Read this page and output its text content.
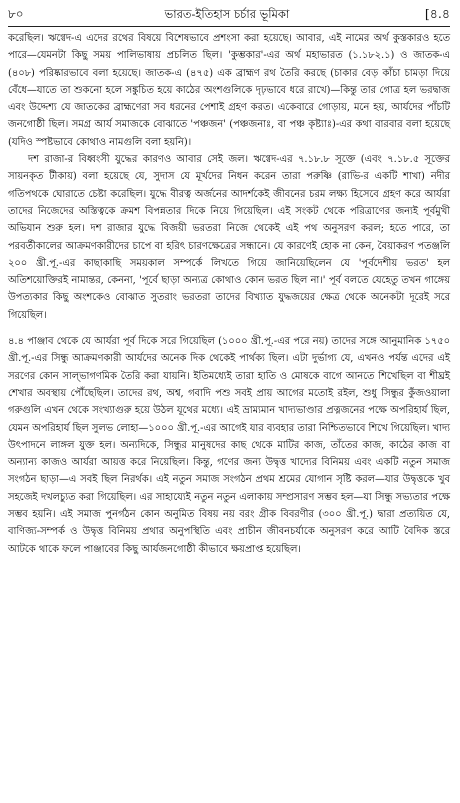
৮০	ভারত-ইতিহাস চর্চার ভূমিকা	[৪.৪

করেছিল। ঋগ্বেদ-এ এদের রথের বিষয়ে বিশেষভাবে প্রশংসা করা হয়েছে। আবার, এই নামের অর্থ কুস্তকারও হতে পারে—যেমনটা কিছু সময় পালিভাষায় প্রচলিত ছিল। 'কুম্ভকার'-এর অর্থ মহাভারত (১.১৮২.১) ও জাতক-এ (৪০৮) পরিষ্কারভাবে বলা হয়েছে। জাতক-এ (৪৭৫) এক ব্রাহ্মণ রথ তৈরি করছে (চাকার বেড় কাঁচা চামড়া দিয়ে বেঁধে—যাতে তা শুকনো হলে সঙ্কুচিত হয়ে কাঠের অংশগুলিকে দৃঢ়ভাবে ধরে রাখে)—কিন্তু তার গোত্র হল ভরদ্বাজ এবং উদ্দেশ্য যে জাতকের ব্রাহ্মণেরা সব ধরনের পেশাই গ্রহণ করত। একেবারে গোড়ায়, মনে হয়, আর্যদের পাঁচটি জনগোষ্ঠী ছিল। সমগ্র আর্য সমাজকে বোঝাতে 'পঞ্চজন' (পঞ্চজনাঃ, বা পঞ্চ কৃষ্ট্যাঃ)-এর কথা বারবার বলা হয়েছে (যদিও স্পষ্টভাবে কোথাও নামগুলি বলা হয়নি)।

দশ রাজা-র বিধ্বংসী যুদ্ধের কারণও আবার সেই জল। ঋগ্বেদ-এর ৭.১৮.৮ সূক্তে (এবং ৭.১৮.৫ সূক্তের সায়নকৃত টীকায়) বলা হয়েছে যে, সুদাস যে মূর্খদের নিধন করেন তারা পরুষ্ণি (রাভি-র একটি শাখা) নদীর গতিপথকে ঘোরাতে চেষ্টা করেছিল। যুদ্ধে বীরত্ব অর্জনের আদর্শকেই জীবনের চরম লক্ষ্য হিসেবে গ্রহণ করে আর্যরা তাদের নিজেদের অস্তিত্বকে ক্রমশ বিপন্নতার দিকে নিয়ে গিয়েছিল। এই সংকট থেকে পরিত্রাণের জন্যই পূর্বমুখী অভিযান শুরু হল। দশ রাজার যুদ্ধে বিজয়ী ভরতরা নিজে থেকেই এই পথ অনুসরণ করল; হতে পারে, তা পরবর্তীকালের আক্রমণকারীদের চাপে বা হরিৎ চারণক্ষেত্রের সন্ধানে। যে কারণেই হোক না কেন, বৈয়াকরণ পতঞ্জলি ২০০ খ্রী.পূ.-এর কাছাকাছি সময়কাল সম্পর্কে লিখতে গিয়ে জানিয়েছিলেন যে 'পূর্বদেশীয় ভরত' হল অতিশয়োক্তিরই নামান্তর, কেননা, 'পূর্বে ছাড়া অন্যত্র কোথাও কোন ভরত ছিল না।' পূর্ব বলতে যেহেতু তখন গাঙ্গেয় উপত্যকার কিছু অংশকেও বোঝাত সুতরাং ভরতরা তাদের বিখ্যাত যুদ্ধজয়ের ক্ষেত্র থেকে অনেকটা দূরেই সরে গিয়েছিল।

৪.৪ পাঞ্জাব থেকে যে আর্যরা পূর্ব দিকে সরে গিয়েছিল (১০০০ খ্রী.পূ.-এর পরে নয়) তাদের সঙ্গে আনুমানিক ১৭৫০ খ্রী.পূ.-এর সিন্ধু আক্রমণকারী আর্যদের অনেক দিক থেকেই পার্থক্য ছিল। এটা দুর্ভাগ্য যে, এখনও পর্যন্ত এদের এই সরণের কোন সাল্ভাগণমিক তৈরি করা যায়নি। ইতিমধ্যেই তারা হাতি ও মোষকে বাগে আনতে শিখেছিল বা শীঘ্রই শেখার অবস্থায় পৌঁছেছিল। তাদের রথ, অশ্ব, গবাদি পশু সবই প্রায় আগের মতোই রইল, শুধু সিন্ধুর কুঁজওয়ালা গরুগুলি এখন থেকে সংখ্যাগুরু হয়ে উঠল যূথের মধ্যে। এই ভ্রাম্যমান খাদ্যভাণ্ডার প্রত্নজনের পক্ষে অপরিহার্য ছিল, যেমন অপরিহার্য ছিল সুলভ লোহা—১০০০ খ্রী.পূ.-এর আগেই যার ব্যবহার তারা নিশ্চিতভাবে শিখে গিয়েছিল। খাদ্য উৎপাদনে লাঙ্গল যুক্ত হল। অন্যদিকে, সিন্ধুর মানুষদের কাছ থেকে মাটির কাজ, তাঁতের কাজ, কাঠের কাজ বা অন্যান্য কাজও আর্যরা আয়ত্ত করে নিয়েছিল। কিন্তু, গণের জন্য উদ্বৃত্ত খাদ্যের বিনিময় এবং একটি নতুন সমাজ সংগঠন ছাড়া—এ সবই ছিল নিরর্থক। এই নতুন সমাজ সংগঠন প্রথম শ্রমের যোগান সৃষ্টি করল—যার উদ্বৃত্তকে খুব সহজেই দখলচ্যুত করা গিয়েছিল। এর সাহায্যেই নতুন নতুন এলাকায় সম্প্রসারণ সম্ভব হল—যা সিন্ধু সভ্যতার পক্ষে সম্ভব হয়নি। এই সমাজ পুনর্গঠন কোন অনুমিত বিষয় নয় বরং গ্রীক বিবরণীর (৩০০ খ্রী.পূ.) দ্বারা প্রত্যয়িত যে, বাণিজ্য-সম্পর্ক ও উদ্বৃত্ত বিনিময় প্রথার অনুপস্থিতি এবং প্রাচীন জীবনচর্যাকে অনুসরণ করে আটি বৈদিক স্তরে আটকে থাকে ফলে পাঞ্জাবের কিছু আর্যজনগোষ্ঠী কীভাবে ক্ষয়প্রাপ্ত হয়েছিল।
